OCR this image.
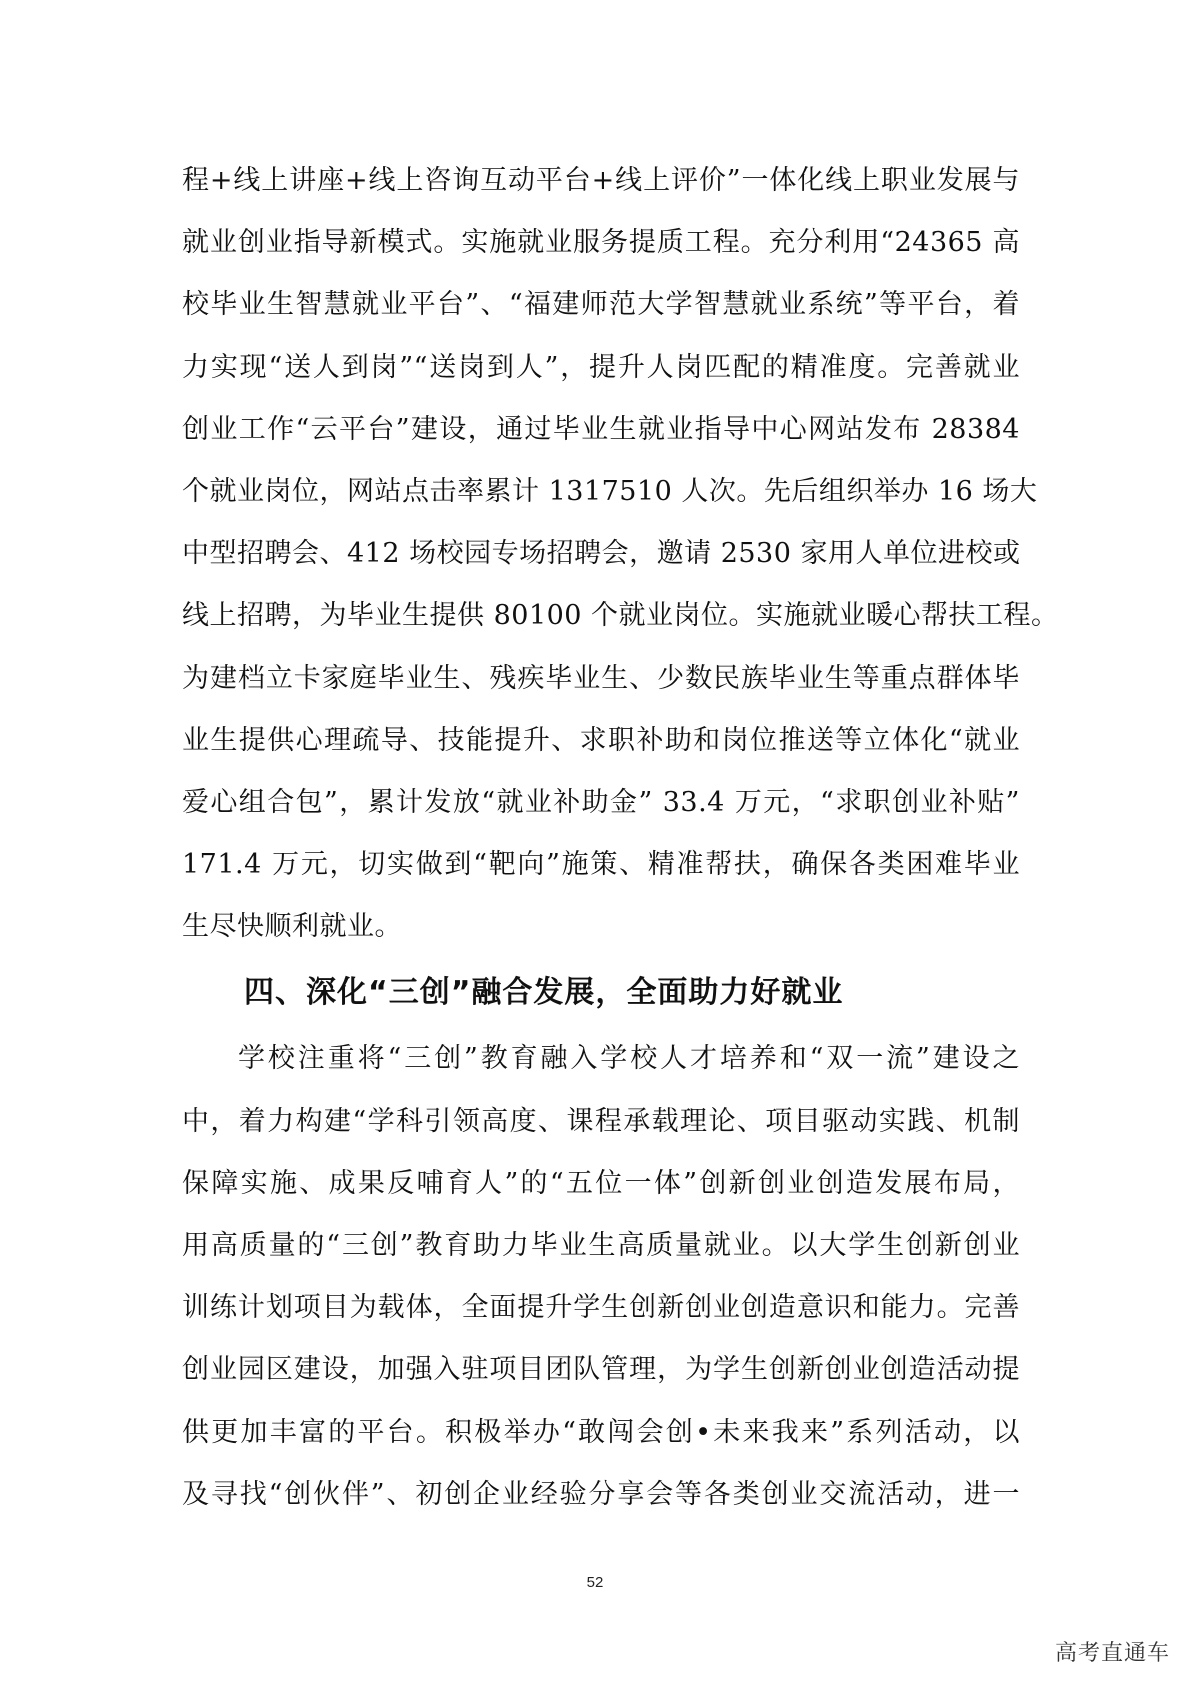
程+线上讲座+线上咨询互动平台+线上评价”一体化线上职业发展与
就业创业指导新模式。实施就业服务提质工程。充分利用“24365 高
校毕业生智慧就业平台”、“福建师范大学智慧就业系统”等平台，着
力实现“送人到岗”“送岗到人”，提升人岗匹配的精准度。完善就业
创业工作“云平台”建设，通过毕业生就业指导中心网站发布 28384
个就业岗位，网站点击率累计 1317510 人次。先后组织举办 16 场大
中型招聘会、412 场校园专场招聘会，邀请 2530 家用人单位进校或
线上招聘，为毕业生提供 80100 个就业岗位。实施就业暖心帮扶工程。
为建档立卡家庭毕业生、残疾毕业生、少数民族毕业生等重点群体毕
业生提供心理疏导、技能提升、求职补助和岗位推送等立体化“就业
爱心组合包”，累计发放“就业补助金” 33.4 万元，“求职创业补贴”
171.4 万元，切实做到“靶向”施策、精准帮扶，确保各类困难毕业
生尽快顺利就业。
四、深化“三创”融合发展，全面助力好就业
学校注重将“三创”教育融入学校人才培养和“双一流”建设之
中，着力构建“学科引领高度、课程承载理论、项目驱动实践、机制
保障实施、成果反哺育人”的“五位一体”创新创业创造发展布局，
用高质量的“三创”教育助力毕业生高质量就业。以大学生创新创业
训练计划项目为载体，全面提升学生创新创业创造意识和能力。完善
创业园区建设，加强入驻项目团队管理，为学生创新创业创造活动提
供更加丰富的平台。积极举办“敢闯会创•未来我来”系列活动，以
及寻找“创伙伴”、初创企业经验分享会等各类创业交流活动，进一
52
高考直通车
